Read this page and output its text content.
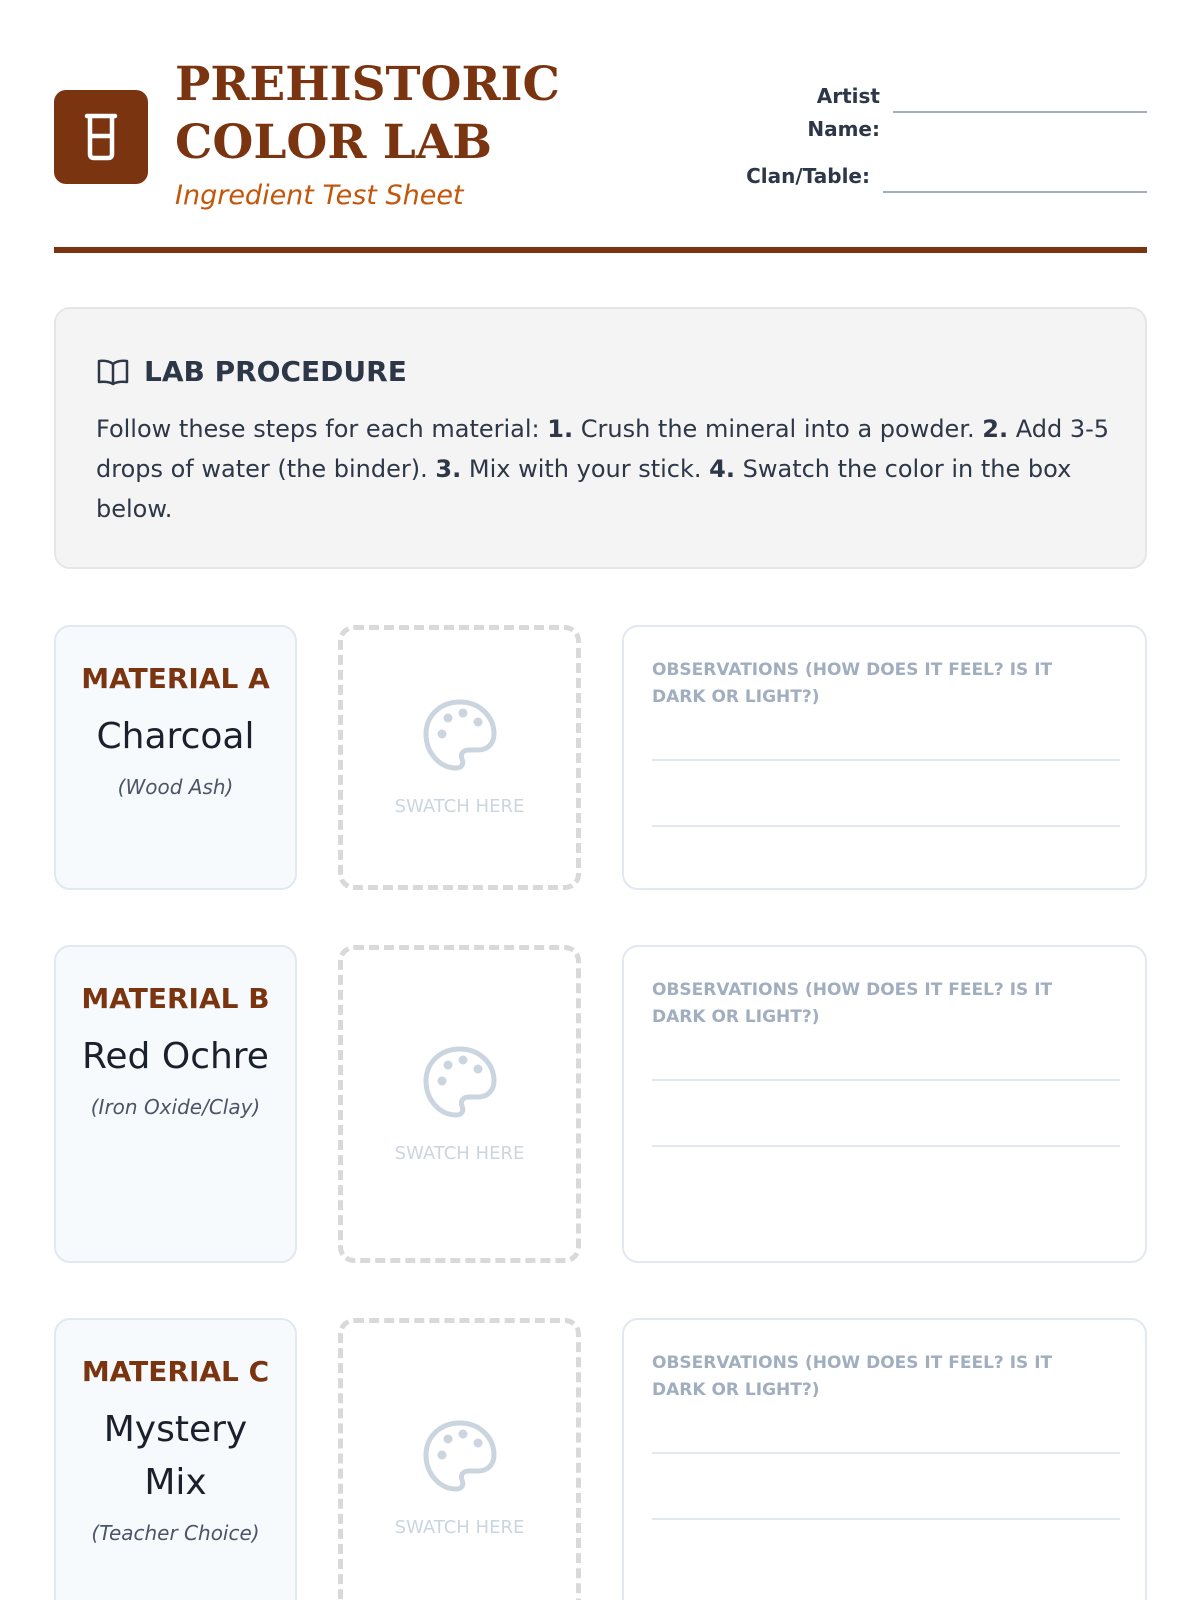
PREHISTORIC COLOR LAB
Ingredient Test Sheet
Artist Name:
Clan/Table:
LAB PROCEDURE
Follow these steps for each material: 1. Crush the mineral into a powder. 2. Add 3-5 drops of water (the binder). 3. Mix with your stick. 4. Swatch the color in the box below.
MATERIAL A
Charcoal
(Wood Ash)
SWATCH HERE
OBSERVATIONS (HOW DOES IT FEEL? IS IT DARK OR LIGHT?)
MATERIAL B
Red Ochre
(Iron Oxide/Clay)
SWATCH HERE
OBSERVATIONS (HOW DOES IT FEEL? IS IT DARK OR LIGHT?)
MATERIAL C
Mystery Mix
(Teacher Choice)	SWATCH HERE
OBSERVATIONS (HOW DOES IT FEEL? IS IT DARK OR LIGHT?)
